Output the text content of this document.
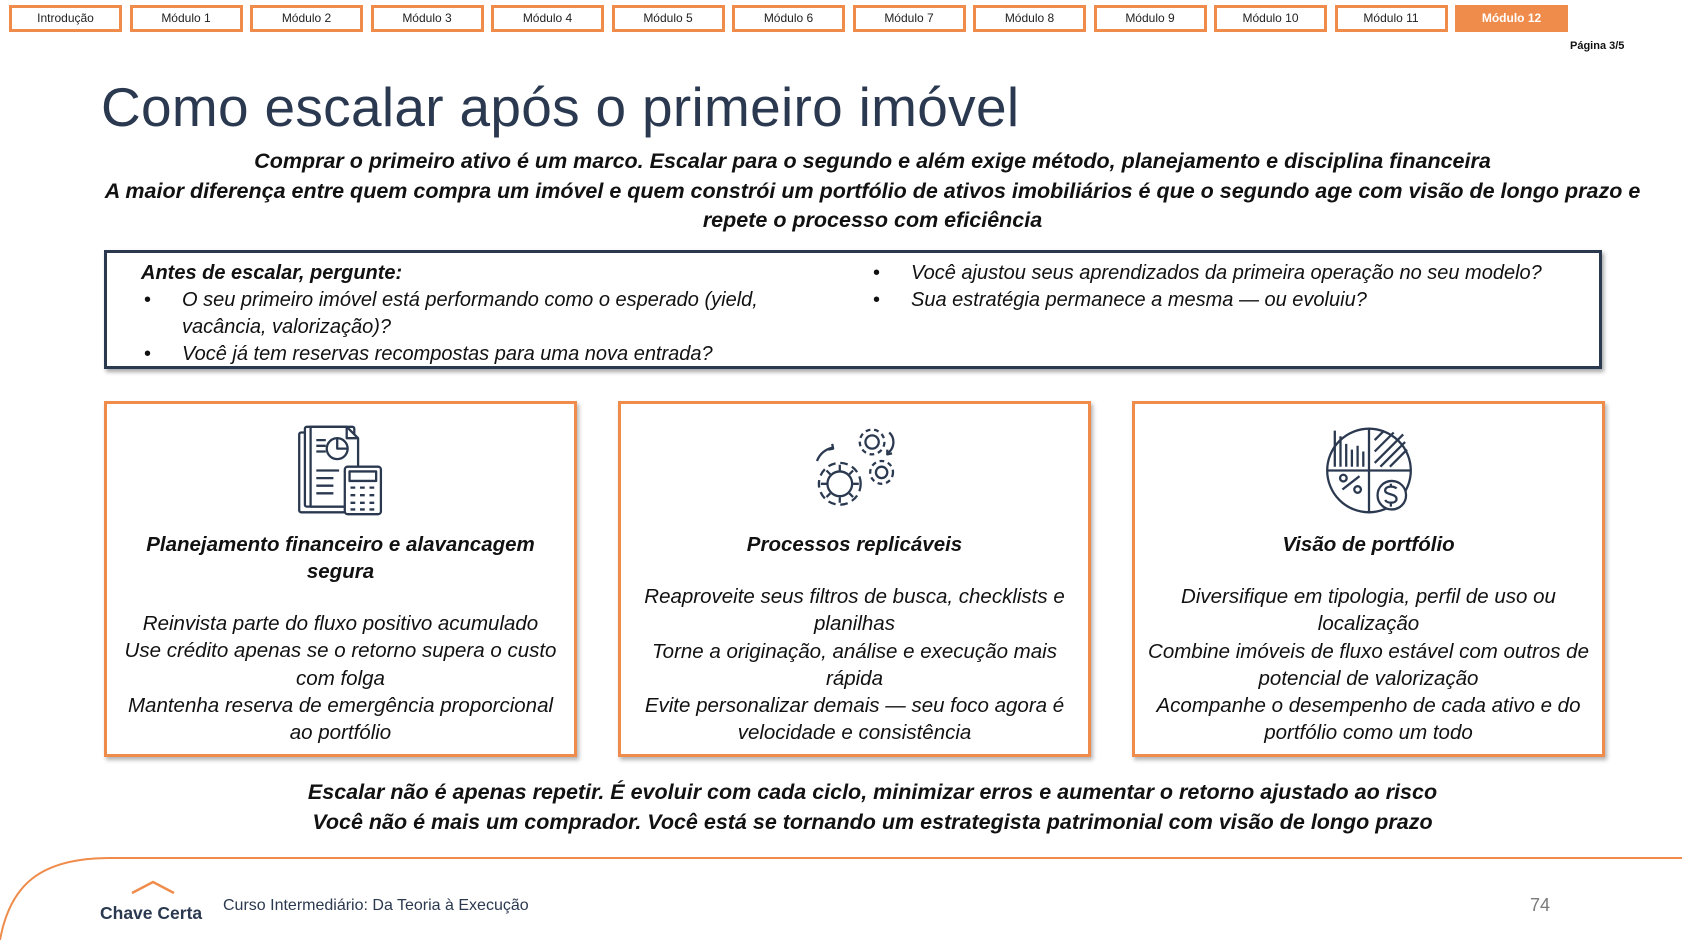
Introdução	Módulo 1	Módulo 2	Módulo 3	Módulo 4	Módulo 5	Módulo 6	Módulo 7	Módulo 8	Módulo 9	Módulo 10	Módulo 11	Módulo 12
Página 3/5
Como escalar após o primeiro imóvel
Comprar o primeiro ativo é um marco. Escalar para o segundo e além exige método, planejamento e disciplina financeira
A maior diferença entre quem compra um imóvel e quem constrói um portfólio de ativos imobiliários é que o segundo age com visão de longo prazo e repete o processo com eficiência

Antes de escalar, pergunte:

• O seu primeiro imóvel está performando como o esperado (yield, vacância, valorização)?
• Você já tem reservas recompostas para uma nova entrada?
• Você ajustou seus aprendizados da primeira operação no seu modelo?
• Sua estratégia permanece a mesma — ou evoluiu?
Planejamento financeiro e alavancagem segura

Reinvista parte do fluxo positivo acumulado

Use crédito apenas se o retorno supera o custo com folga

Mantenha reserva de emergência proporcional ao portfólio

Processos replicáveis

Reaproveite seus filtros de busca, checklists e planilhas

Torne a originação, análise e execução mais rápida

Evite personalizar demais — seu foco agora é velocidade e consistência

Visão de portfólio

Diversifique em tipologia, perfil de uso ou localização

Combine imóveis de fluxo estável com outros de potencial de valorização

Acompanhe o desempenho de cada ativo e do portfólio como um todo

Escalar não é apenas repetir. É evoluir com cada ciclo, minimizar erros e aumentar o retorno ajustado ao risco
Você não é mais um comprador. Você está se tornando um estrategista patrimonial com visão de longo prazo
Chave Certa Curso Intermediário: Da Teoria à Execução	74
